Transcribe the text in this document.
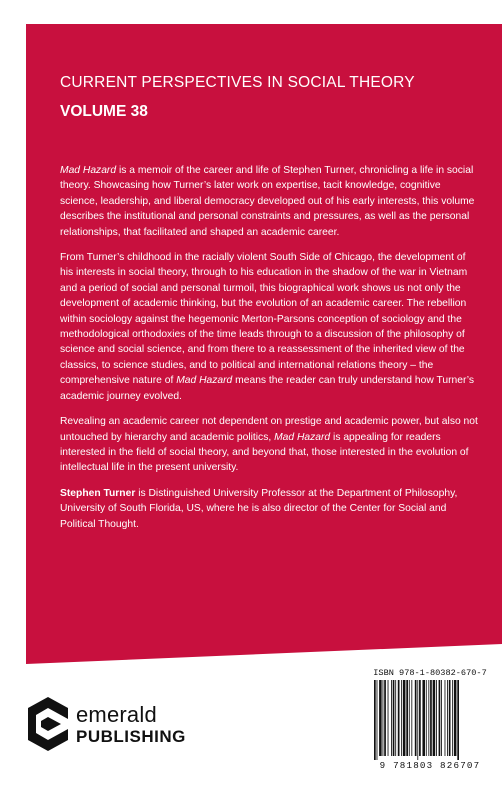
CURRENT PERSPECTIVES IN SOCIAL THEORY
VOLUME 38

Mad Hazard is a memoir of the career and life of Stephen Turner, chronicling a life in social theory. Showcasing how Turner’s later work on expertise, tacit knowledge, cognitive science, leadership, and liberal democracy developed out of his early interests, this volume describes the institutional and personal constraints and pressures, as well as the personal relationships, that facilitated and shaped an academic career.

From Turner’s childhood in the racially violent South Side of Chicago, the development of his interests in social theory, through to his education in the shadow of the war in Vietnam and a period of social and personal turmoil, this biographical work shows us not only the development of academic thinking, but the evolution of an academic career. The rebellion within sociology against the hegemonic Merton-Parsons conception of sociology and the methodological orthodoxies of the time leads through to a discussion of the philosophy of science and social science, and from there to a reassessment of the inherited view of the classics, to science studies, and to political and international relations theory – the comprehensive nature of Mad Hazard means the reader can truly understand how Turner’s academic journey evolved.

Revealing an academic career not dependent on prestige and academic power, but also not untouched by hierarchy and academic politics, Mad Hazard is appealing for readers interested in the field of social theory, and beyond that, those interested in the evolution of intellectual life in the present university.

Stephen Turner is Distinguished University Professor at the Department of Philosophy, University of South Florida, US, where he is also director of the Center for Social and Political Thought.

emerald
PUBLISHING
ISBN 978-1-80382-670-7
9 781803 826707
